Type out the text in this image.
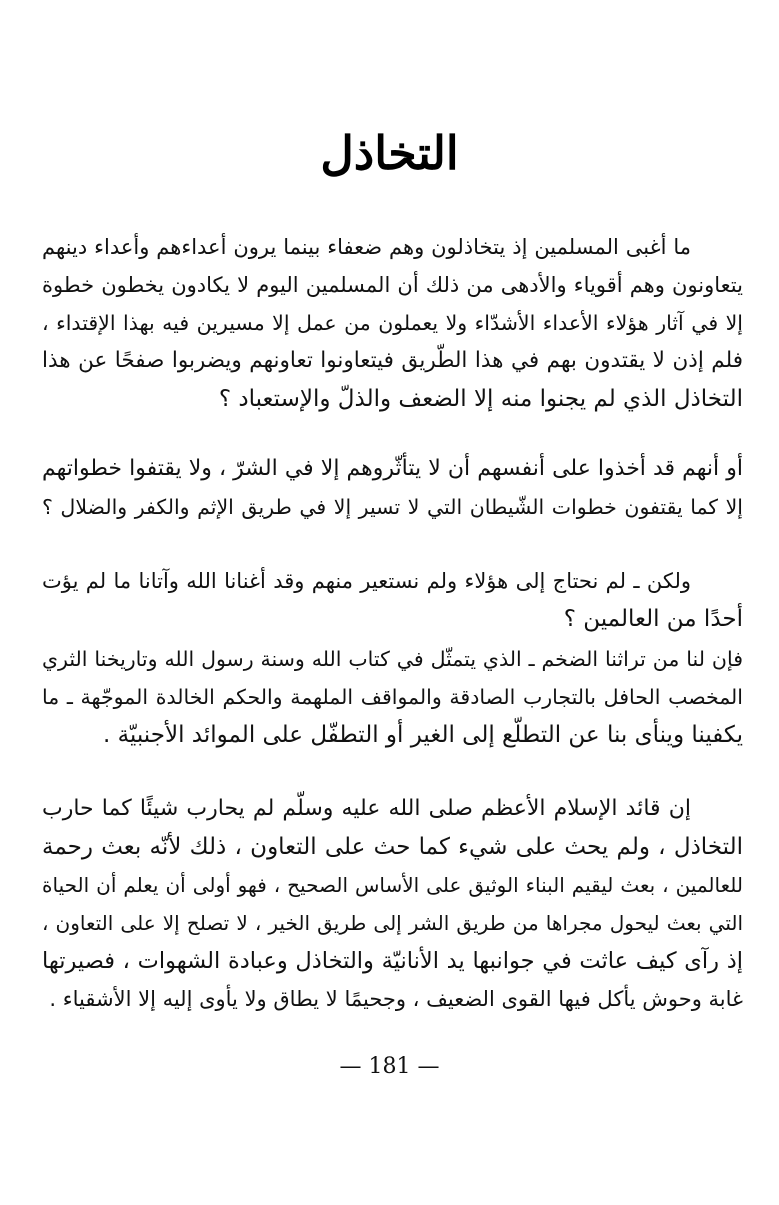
التخاذل
ما أغبى المسلمين إذ يتخاذلون وهم ضعفاء بينما يرون أعداءهم وأعداء دينهم
يتعاونون وهم أقوياء والأدهى من ذلك أن المسلمين اليوم لا يكادون يخطون خطوة
إلا في آثار هؤلاء الأعداء الأشدّاء ولا يعملون من عمل إلا مسيرين فيه بهذا الإقتداء ،
فلم إذن لا يقتدون بهم في هذا الطّريق فيتعاونوا تعاونهم ويضربوا صفحًا عن هذا
التخاذل الذي لم يجنوا منه إلا الضعف والذلّ والإستعباد ؟
أو أنهم قد أخذوا على أنفسهم أن لا يتأثّروهم إلا في الشرّ ، ولا يقتفوا خطواتهم
إلا كما يقتفون خطوات الشّيطان التي لا تسير إلا في طريق الإثم والكفر والضلال ؟
ولكن ـ لم نحتاج إلى هؤلاء ولم نستعير منهم وقد أغنانا الله وآتانا ما لم يؤت
أحدًا من العالمين ؟
فإن لنا من تراثنا الضخم ـ الذي يتمثّل في كتاب الله وسنة رسول الله وتاريخنا الثري
المخصب الحافل بالتجارب الصادقة والمواقف الملهمة والحكم الخالدة الموجّهة ـ ما
يكفينا وينأى بنا عن التطلّع إلى الغير أو التطفّل على الموائد الأجنبيّة .
إن قائد الإسلام الأعظم صلى الله عليه وسلّم لم يحارب شيئًا كما حارب
التخاذل ، ولم يحث على شيء كما حث على التعاون ، ذلك لأنّه بعث رحمة
للعالمين ، بعث ليقيم البناء الوثيق على الأساس الصحيح ، فهو أولى أن يعلم أن الحياة
التي بعث ليحول مجراها من طريق الشر إلى طريق الخير ، لا تصلح إلا على التعاون ،
إذ رآى كيف عاثت في جوانبها يد الأنانيّة والتخاذل وعبادة الشهوات ، فصيرتها
غابة وحوش يأكل فيها القوى الضعيف ، وجحيمًا لا يطاق ولا يأوى إليه إلا الأشقياء .
— 181 —
